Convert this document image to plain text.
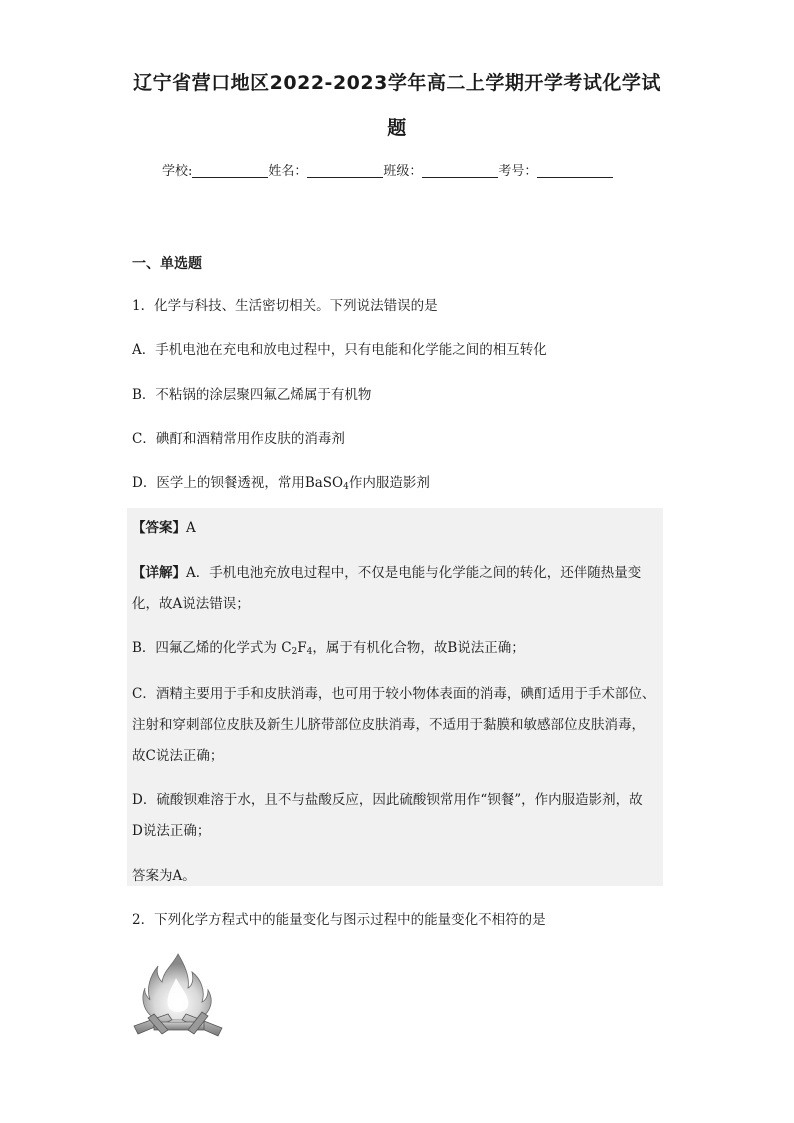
辽宁省营口地区2022-2023学年高二上学期开学考试化学试
题
学校:	姓名：	班级：	考号：
一、单选题
1．化学与科技、生活密切相关。下列说法错误的是
A．手机电池在充电和放电过程中，只有电能和化学能之间的相互转化
B．不粘锅的涂层聚四氟乙烯属于有机物
C．碘酊和酒精常用作皮肤的消毒剂
D．医学上的钡餐透视，常用BaSO$_4$作内服造影剂
【答案】A
【详解】A．手机电池充放电过程中，不仅是电能与化学能之间的转化，还伴随热量变
化，故A说法错误；
B．四氟乙烯的化学式为 $C_2F_4$，属于有机化合物，故B说法正确；
C．酒精主要用于手和皮肤消毒，也可用于较小物体表面的消毒，碘酊适用于手术部位、
注射和穿刺部位皮肤及新生儿脐带部位皮肤消毒，不适用于黏膜和敏感部位皮肤消毒，
故C说法正确；
D．硫酸钡难溶于水，且不与盐酸反应，因此硫酸钡常用作“钡餐”，作内服造影剂，故
D说法正确；
答案为A。
2．下列化学方程式中的能量变化与图示过程中的能量变化不相符的是
